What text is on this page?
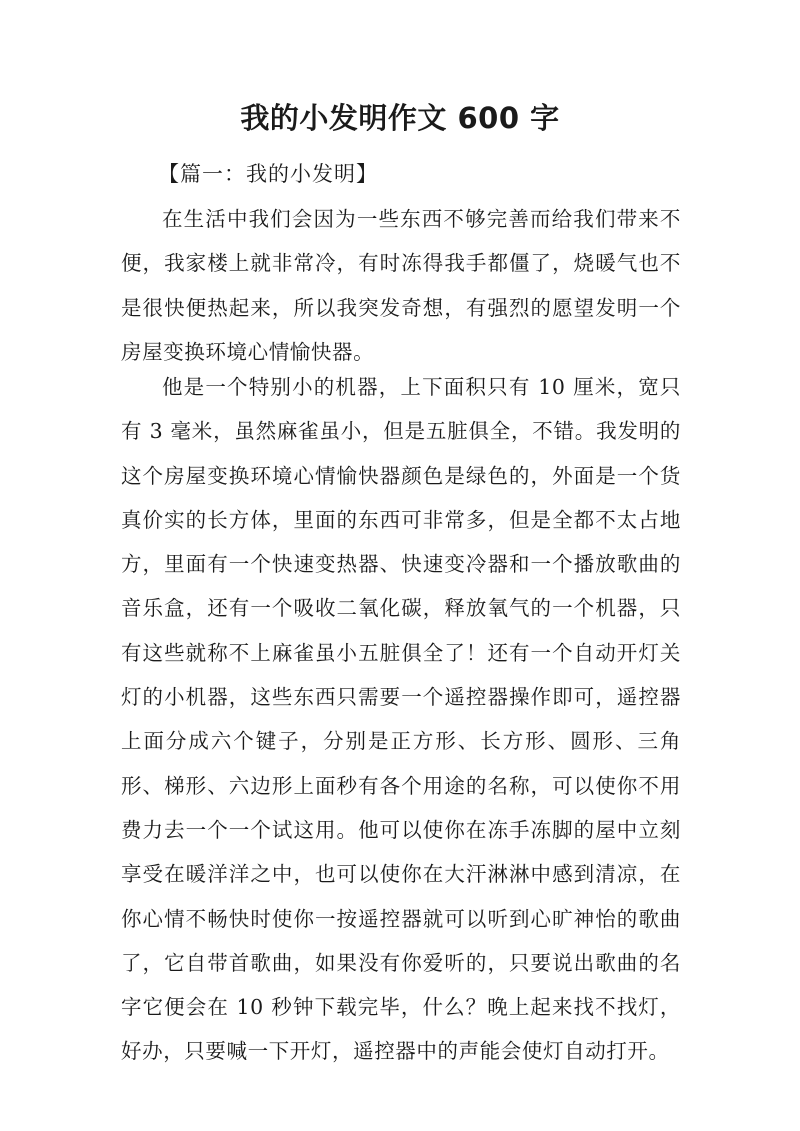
我的小发明作文 600 字

【篇一：我的小发明】

在生活中我们会因为一些东西不够完善而给我们带来不便，我家楼上就非常冷，有时冻得我手都僵了，烧暖气也不是很快便热起来，所以我突发奇想，有强烈的愿望发明一个房屋变换环境心情愉快器。

他是一个特别小的机器，上下面积只有 10 厘米，宽只有 3 毫米，虽然麻雀虽小，但是五脏俱全，不错。我发明的这个房屋变换环境心情愉快器颜色是绿色的，外面是一个货真价实的长方体，里面的东西可非常多，但是全都不太占地方，里面有一个快速变热器、快速变冷器和一个播放歌曲的音乐盒，还有一个吸收二氧化碳，释放氧气的一个机器，只有这些就称不上麻雀虽小五脏俱全了！还有一个自动开灯关灯的小机器，这些东西只需要一个遥控器操作即可，遥控器上面分成六个键子，分别是正方形、长方形、圆形、三角形、梯形、六边形上面秒有各个用途的名称，可以使你不用费力去一个一个试这用。他可以使你在冻手冻脚的屋中立刻享受在暖洋洋之中，也可以使你在大汗淋淋中感到清凉，在你心情不畅快时使你一按遥控器就可以听到心旷神怡的歌曲了，它自带首歌曲，如果没有你爱听的，只要说出歌曲的名字它便会在 10 秒钟下载完毕，什么？晚上起来找不找灯，好办，只要喊一下开灯，遥控器中的声能会使灯自动打开。
